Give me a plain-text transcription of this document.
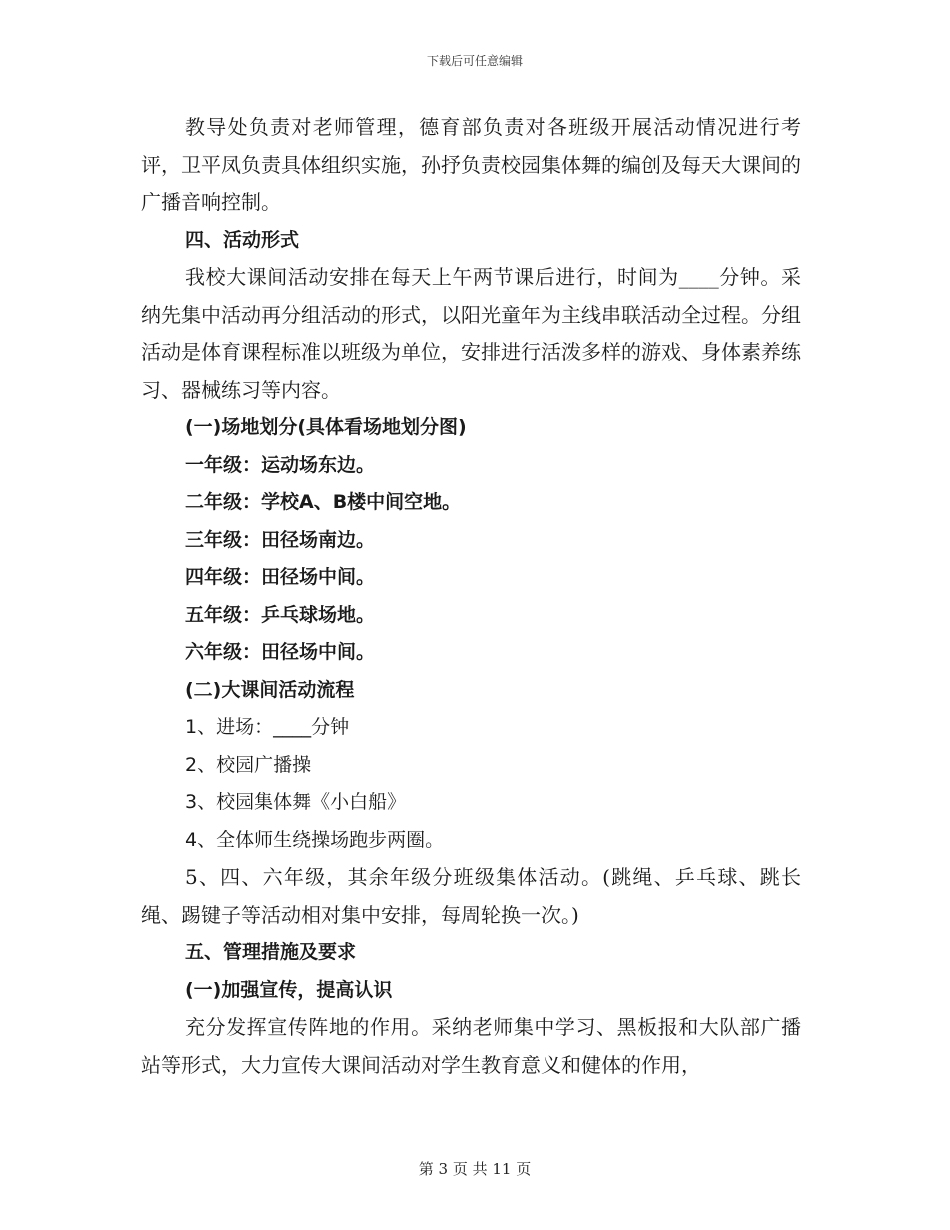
下载后可任意编辑

教导处负责对老师管理，德育部负责对各班级开展活动情况进行考评，卫平凤负责具体组织实施，孙抒负责校园集体舞的编创及每天大课间的广播音响控制。

四、活动形式

我校大课间活动安排在每天上午两节课后进行，时间为____分钟。采纳先集中活动再分组活动的形式，以阳光童年为主线串联活动全过程。分组活动是体育课程标准以班级为单位，安排进行活泼多样的游戏、身体素养练习、器械练习等内容。

(一)场地划分(具体看场地划分图)

一年级：运动场东边。

二年级：学校A、B楼中间空地。

三年级：田径场南边。

四年级：田径场中间。

五年级：乒乓球场地。

六年级：田径场中间。

(二)大课间活动流程

1、进场：____分钟

2、校园广播操

3、校园集体舞《小白船》

4、全体师生绕操场跑步两圈。

5、四、六年级，其余年级分班级集体活动。(跳绳、乒乓球、跳长绳、踢键子等活动相对集中安排，每周轮换一次。)

五、管理措施及要求

(一)加强宣传，提高认识

充分发挥宣传阵地的作用。采纳老师集中学习、黑板报和大队部广播站等形式，大力宣传大课间活动对学生教育意义和健体的作用，

第 3 页 共 11 页
